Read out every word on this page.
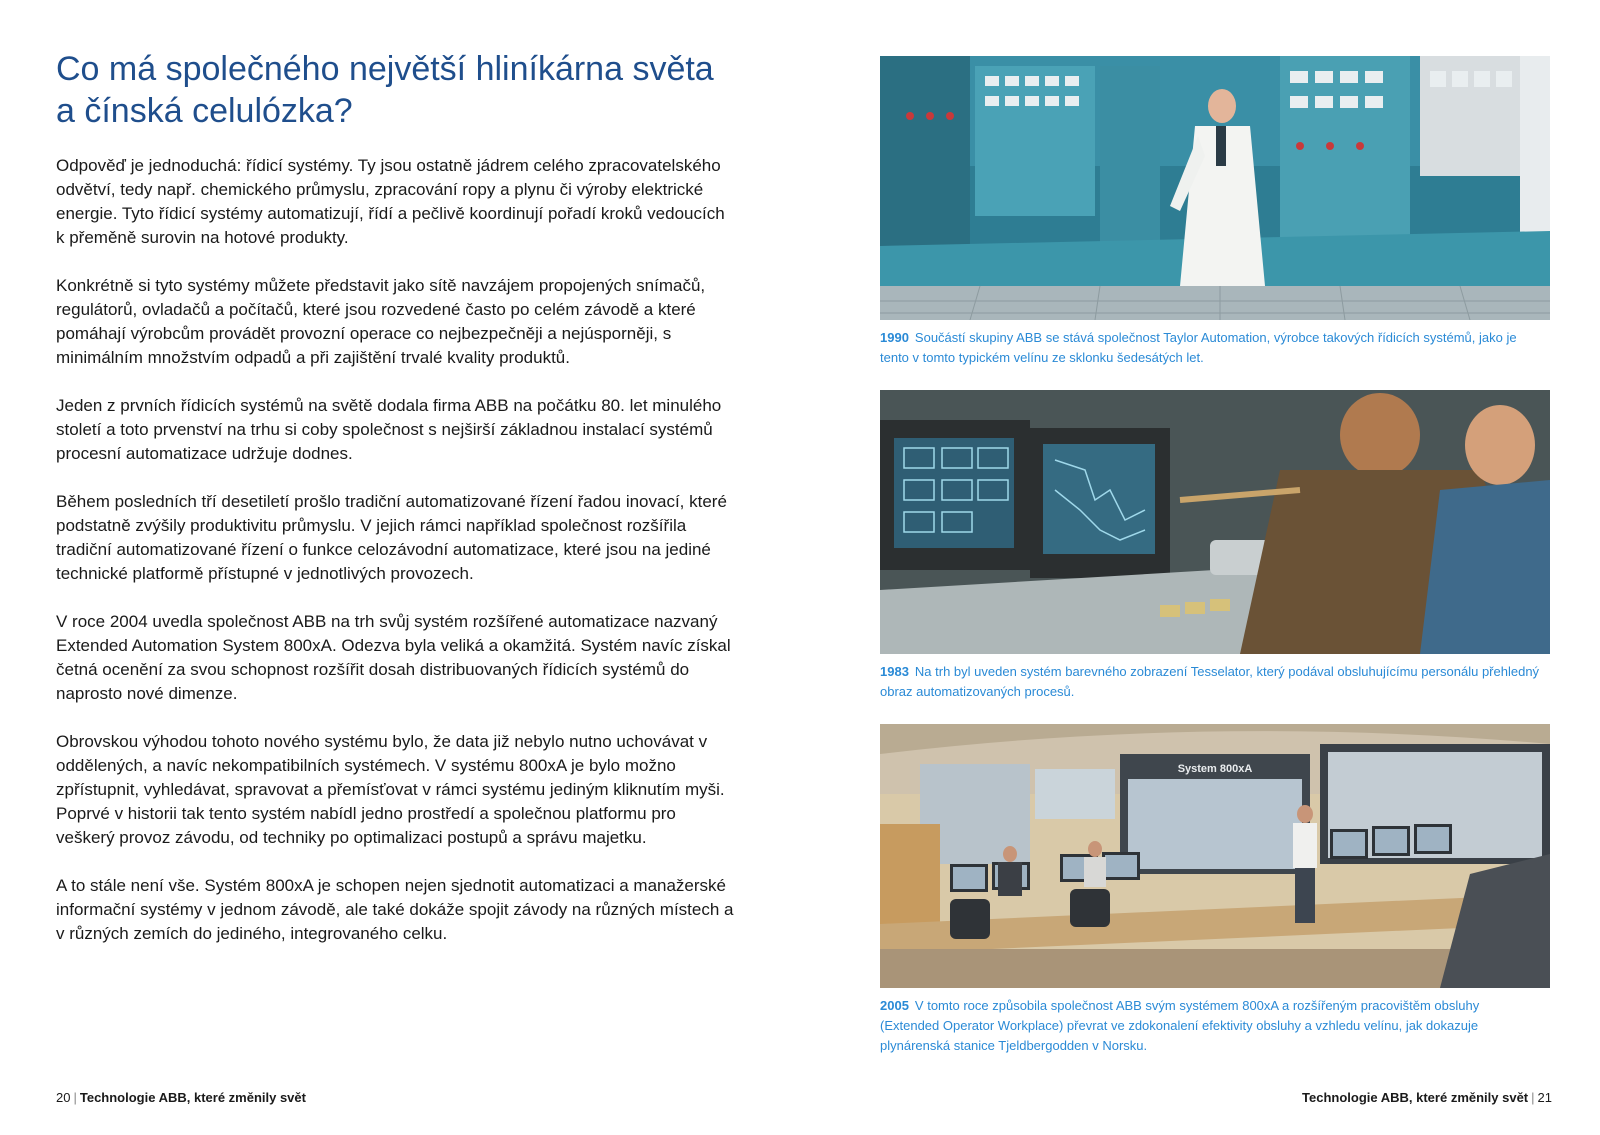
Co má společného největší hliníkárna světa
a čínská celulózka?

Odpověď je jednoduchá: řídicí systémy. Ty jsou ostatně jádrem celého zpracovatelského odvětví, tedy např. chemického průmyslu, zpracování ropy a plynu či výroby elektrické energie. Tyto řídicí systémy automatizují, řídí a pečlivě koordinují pořadí kroků vedoucích k přeměně surovin na hotové produkty.

Konkrétně si tyto systémy můžete představit jako sítě navzájem propojených snímačů, regulátorů, ovladačů a počítačů, které jsou rozvedené často po celém závodě a které pomáhají výrobcům provádět provozní operace co nejbezpečněji a nejúsporněji, s minimálním množstvím odpadů a při zajištění trvalé kvality produktů.

Jeden z prvních řídicích systémů na světě dodala firma ABB na počátku 80. let minulého století a toto prvenství na trhu si coby společnost s nejširší základnou instalací systémů procesní automatizace udržuje dodnes.

Během posledních tří desetiletí prošlo tradiční automatizované řízení řadou inovací, které podstatně zvýšily produktivitu průmyslu. V jejich rámci například společnost rozšířila tradiční automatizované řízení o funkce celozávodní automatizace, které jsou na jediné technické platformě přístupné v jednotlivých provozech.

V roce 2004 uvedla společnost ABB na trh svůj systém rozšířené automatizace nazvaný Extended Automation System 800xA. Odezva byla veliká a okamžitá. Systém navíc získal četná ocenění za svou schopnost rozšířit dosah distribuovaných řídicích systémů do naprosto nové dimenze.

Obrovskou výhodou tohoto nového systému bylo, že data již nebylo nutno uchovávat v oddělených, a navíc nekompatibilních systémech. V systému 800xA je bylo možno zpřístupnit, vyhledávat, spravovat a přemísťovat v rámci systému jediným kliknutím myši. Poprvé v historii tak tento systém nabídl jedno prostředí a společnou platformu pro veškerý provoz závodu, od techniky po optimalizaci postupů a správu majetku.

A to stále není vše. Systém 800xA je schopen nejen sjednotit automatizaci a manažerské informační systémy v jednom závodě, ale také dokáže spojit závody na různých místech a v různých zemích do jediného, integrovaného celku.

1990 Součástí skupiny ABB se stává společnost Taylor Automation, výrobce takových řídicích systémů, jako je tento v tomto typickém velínu ze sklonku šedesátých let.
1983 Na trh byl uveden systém barevného zobrazení Tesselator, který podával obsluhujícímu personálu přehledný obraz automatizovaných procesů.
System 800xA
2005 V tomto roce způsobila společnost ABB svým systémem 800xA a rozšířeným pracovištěm obsluhy (Extended Operator Workplace) převrat ve zdokonalení efektivity obsluhy a vzhledu velínu, jak dokazuje plynárenská stanice Tjeldbergodden v Norsku.
20 | Technologie ABB, které změnily svět	Technologie ABB, které změnily svět | 21
